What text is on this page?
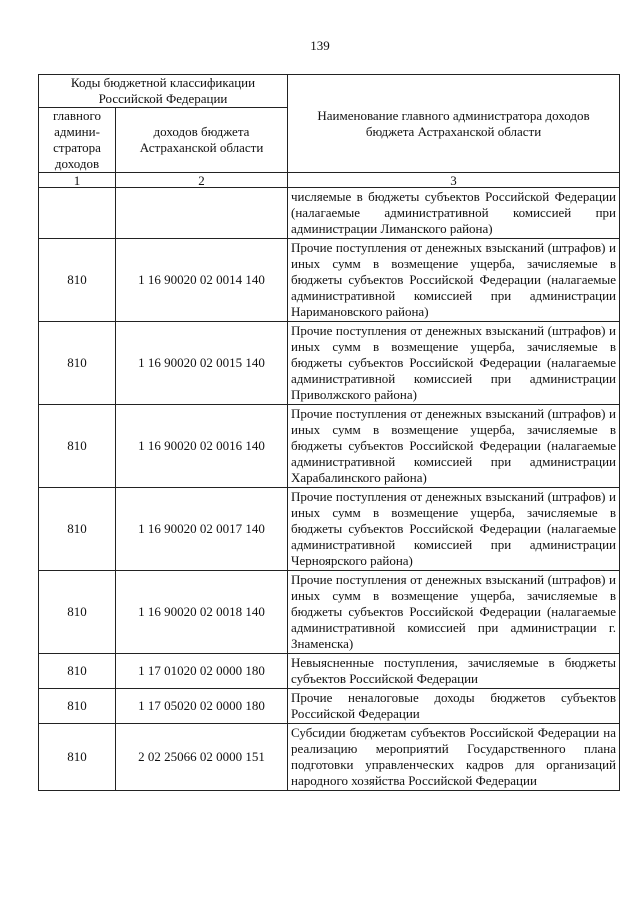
139
Коды бюджетной классификации Российской Федерации		Наименование главного администратора доходов бюджета Астраханской области
главного админи-стратора доходов	доходов бюджета Астраханской области	
1	2	3
		числяемые в бюджеты субъектов Российской Федерации (налагаемые административной комиссией при администрации Лиманского района)
810	1 16 90020 02 0014 140	Прочие поступления от денежных взысканий (штрафов) и иных сумм в возмещение ущерба, зачисляемые в бюджеты субъектов Российской Федерации (налагаемые административной комиссией при администрации Наримановского района)
810	1 16 90020 02 0015 140	Прочие поступления от денежных взысканий (штрафов) и иных сумм в возмещение ущерба, зачисляемые в бюджеты субъектов Российской Федерации (налагаемые административной комиссией при администрации Приволжского района)
810	1 16 90020 02 0016 140	Прочие поступления от денежных взысканий (штрафов) и иных сумм в возмещение ущерба, зачисляемые в бюджеты субъектов Российской Федерации (налагаемые административной комиссией при администрации Харабалинского района)
810	1 16 90020 02 0017 140	Прочие поступления от денежных взысканий (штрафов) и иных сумм в возмещение ущерба, зачисляемые в бюджеты субъектов Российской Федерации (налагаемые административной комиссией при администрации Черноярского района)
810	1 16 90020 02 0018 140	Прочие поступления от денежных взысканий (штрафов) и иных сумм в возмещение ущерба, зачисляемые в бюджеты субъектов Российской Федерации (налагаемые административной комиссией при администрации г. Знаменска)
810	1 17 01020 02 0000 180	Невыясненные поступления, зачисляемые в бюджеты субъектов Российской Федерации
810	1 17 05020 02 0000 180	Прочие неналоговые доходы бюджетов субъектов Российской Федерации
810	2 02 25066 02 0000 151	Субсидии бюджетам субъектов Российской Федерации на реализацию мероприятий Государственного плана подготовки управленческих кадров для организаций народного хозяйства Российской Федерации
